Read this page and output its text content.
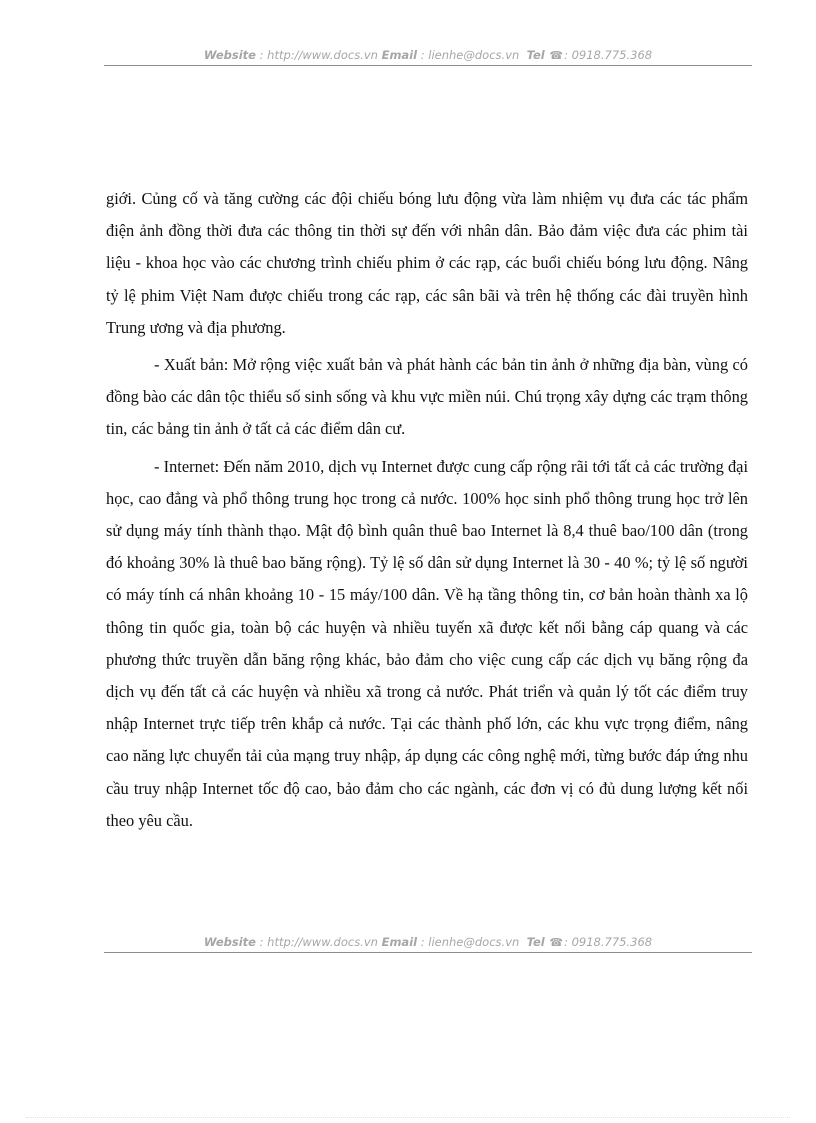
Website : http://www.docs.vn Email : lienhe@docs.vn Tel ☎: 0918.775.368

giới. Củng cố và tăng cường các đội chiếu bóng lưu động vừa làm nhiệm vụ đưa các tác phẩm điện ảnh đồng thời đưa các thông tin thời sự đến với nhân dân. Bảo đảm việc đưa các phim tài liệu - khoa học vào các chương trình chiếu phim ở các rạp, các buổi chiếu bóng lưu động. Nâng tỷ lệ phim Việt Nam được chiếu trong các rạp, các sân bãi và trên hệ thống các đài truyền hình Trung ương và địa phương.

- Xuất bản: Mở rộng việc xuất bản và phát hành các bản tin ảnh ở những địa bàn, vùng có đồng bào các dân tộc thiểu số sinh sống và khu vực miền núi. Chú trọng xây dựng các trạm thông tin, các bảng tin ảnh ở tất cả các điểm dân cư.

- Internet: Đến năm 2010, dịch vụ Internet được cung cấp rộng rãi tới tất cả các trường đại học, cao đẳng và phổ thông trung học trong cả nước. 100% học sinh phổ thông trung học trở lên sử dụng máy tính thành thạo. Mật độ bình quân thuê bao Internet là 8,4 thuê bao/100 dân (trong đó khoảng 30% là thuê bao băng rộng). Tỷ lệ số dân sử dụng Internet là 30 - 40 %; tỷ lệ số người có máy tính cá nhân khoảng 10 - 15 máy/100 dân. Về hạ tầng thông tin, cơ bản hoàn thành xa lộ thông tin quốc gia, toàn bộ các huyện và nhiều tuyến xã được kết nối bằng cáp quang và các phương thức truyền dẫn băng rộng khác, bảo đảm cho việc cung cấp các dịch vụ băng rộng đa dịch vụ đến tất cả các huyện và nhiều xã trong cả nước. Phát triển và quản lý tốt các điểm truy nhập Internet trực tiếp trên khắp cả nước. Tại các thành phố lớn, các khu vực trọng điểm, nâng cao năng lực chuyển tải của mạng truy nhập, áp dụng các công nghệ mới, từng bước đáp ứng nhu cầu truy nhập Internet tốc độ cao, bảo đảm cho các ngành, các đơn vị có đủ dung lượng kết nối theo yêu cầu.

Website : http://www.docs.vn Email : lienhe@docs.vn Tel ☎: 0918.775.368
